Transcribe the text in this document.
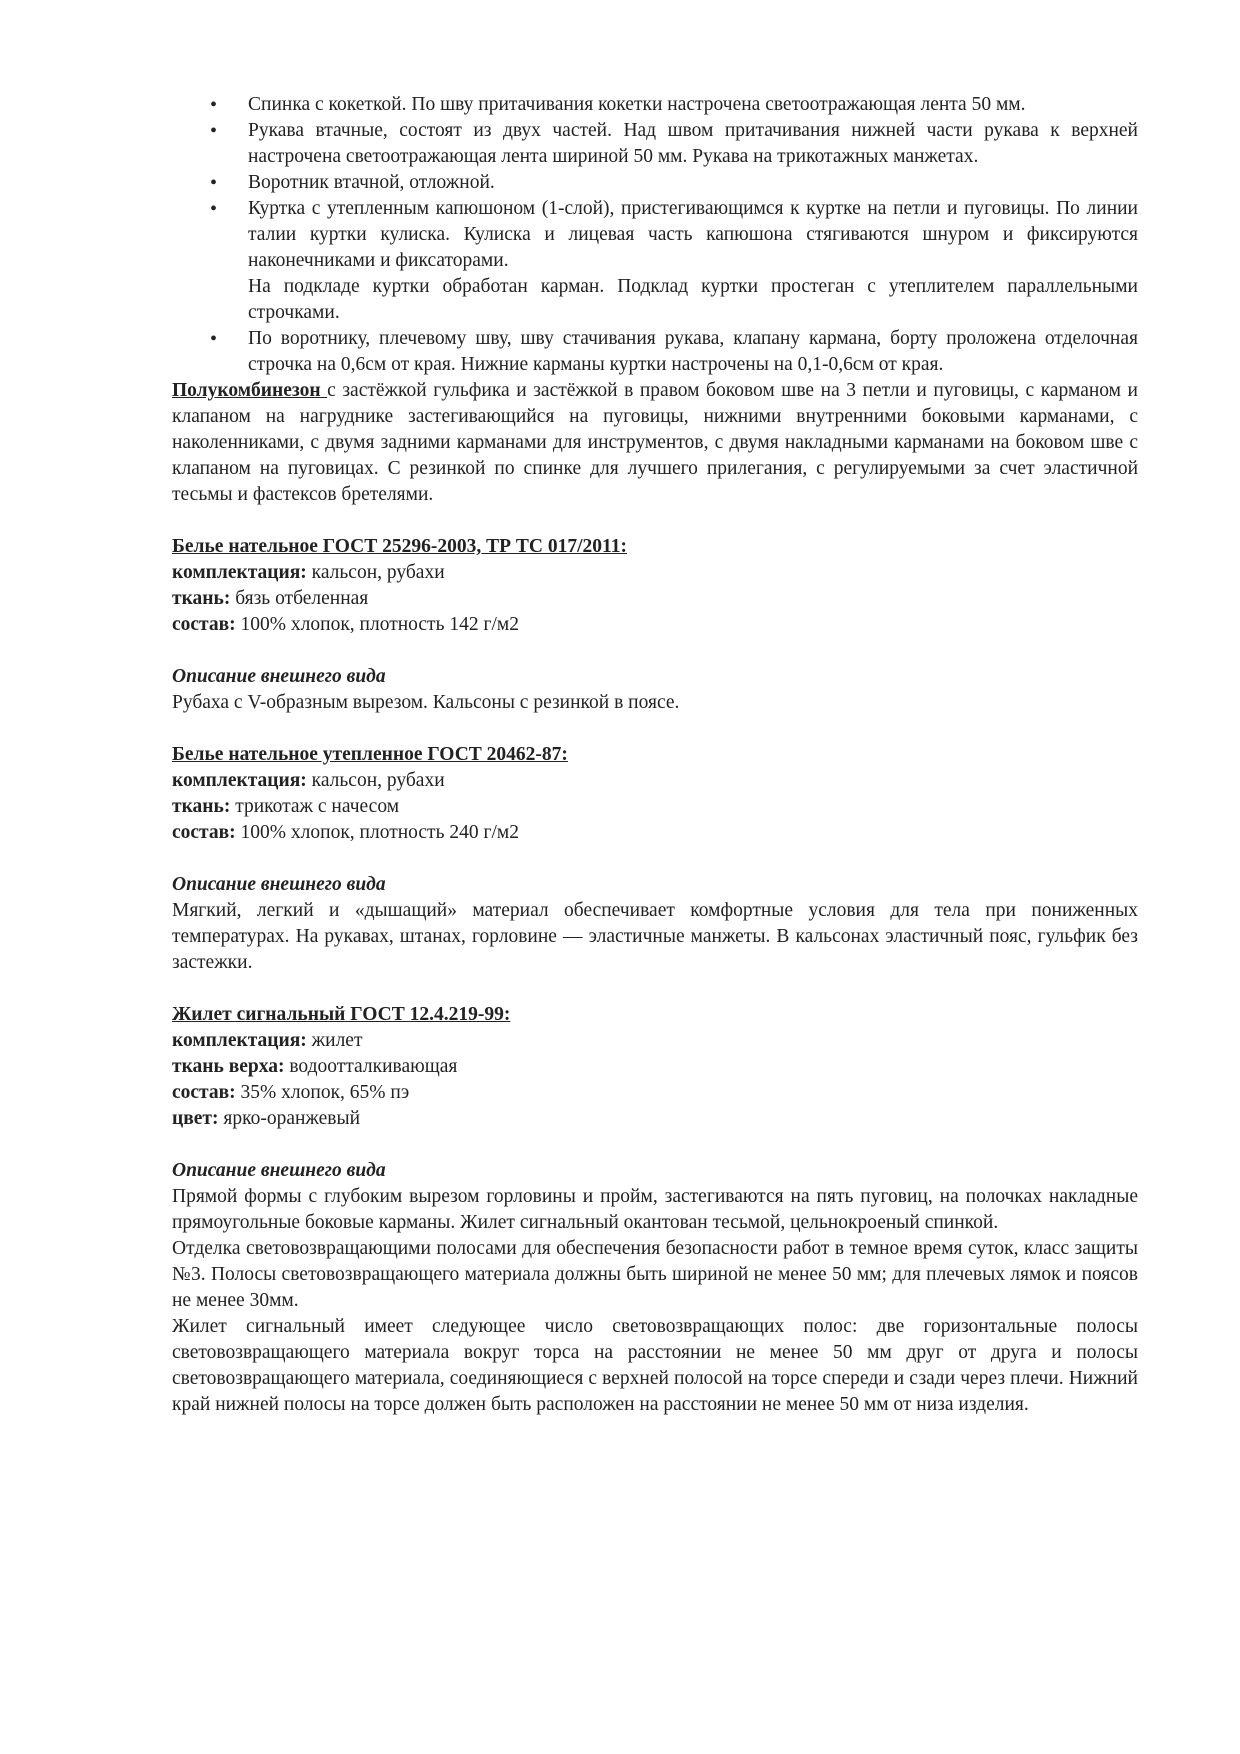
• Спинка с кокеткой. По шву притачивания кокетки настрочена светоотражающая лента 50 мм.

• Рукава втачные, состоят из двух частей. Над швом притачивания нижней части рукава к верхней настрочена светоотражающая лента шириной 50 мм. Рукава на трикотажных манжетах.

• Воротник втачной, отложной.

• Куртка с утепленным капюшоном (1-слой), пристегивающимся к куртке на петли и пуговицы. По линии талии куртки кулиска. Кулиска и лицевая часть капюшона стягиваются шнуром и фиксируются наконечниками и фиксаторами.

На подкладе куртки обработан карман. Подклад куртки простеган с утеплителем параллельными строчками.

• По воротнику, плечевому шву, шву стачивания рукава, клапану кармана, борту проложена отделочная строчка на 0,6см от края. Нижние карманы куртки настрочены на 0,1-0,6см от края.

Полукомбинезон с застёжкой гульфика и застёжкой в правом боковом шве на 3 петли и пуговицы, с карманом и клапаном на нагруднике застегивающийся на пуговицы, нижними внутренними боковыми карманами, с наколенниками, с двумя задними карманами для инструментов, с двумя накладными карманами на боковом шве с клапаном на пуговицах. С резинкой по спинке для лучшего прилегания, с регулируемыми за счет эластичной тесьмы и фастексов бретелями.

Белье нательное ГОСТ 25296-2003, ТР ТС 017/2011:

комплектация: кальсон, рубахи

ткань: бязь отбеленная

состав: 100% хлопок, плотность 142 г/м2

Описание внешнего вида

Рубаха с V-образным вырезом. Кальсоны с резинкой в поясе.

Белье нательное утепленное ГОСТ 20462-87:

комплектация: кальсон, рубахи

ткань: трикотаж с начесом

состав: 100% хлопок, плотность 240 г/м2

Описание внешнего вида

Мягкий, легкий и «дышащий» материал обеспечивает комфортные условия для тела при пониженных температурах. На рукавах, штанах, горловине — эластичные манжеты. В кальсонах эластичный пояс, гульфик без застежки.

Жилет сигнальный ГОСТ 12.4.219-99:

комплектация: жилет

ткань верха: водоотталкивающая

состав: 35% хлопок, 65% пэ

цвет: ярко-оранжевый

Описание внешнего вида

Прямой формы с глубоким вырезом горловины и пройм, застегиваются на пять пуговиц, на полочках накладные прямоугольные боковые карманы. Жилет сигнальный окантован тесьмой, цельнокроеный спинкой.

Отделка световозвращающими полосами для обеспечения безопасности работ в темное время суток, класс защиты №3. Полосы световозвращающего материала должны быть шириной не менее 50 мм; для плечевых лямок и поясов не менее 30мм.

Жилет сигнальный имеет следующее число световозвращающих полос: две горизонтальные полосы световозвращающего материала вокруг торса на расстоянии не менее 50 мм друг от друга и полосы световозвращающего материала, соединяющиеся с верхней полосой на торсе спереди и сзади через плечи. Нижний край нижней полосы на торсе должен быть расположен на расстоянии не менее 50 мм от низа изделия.
